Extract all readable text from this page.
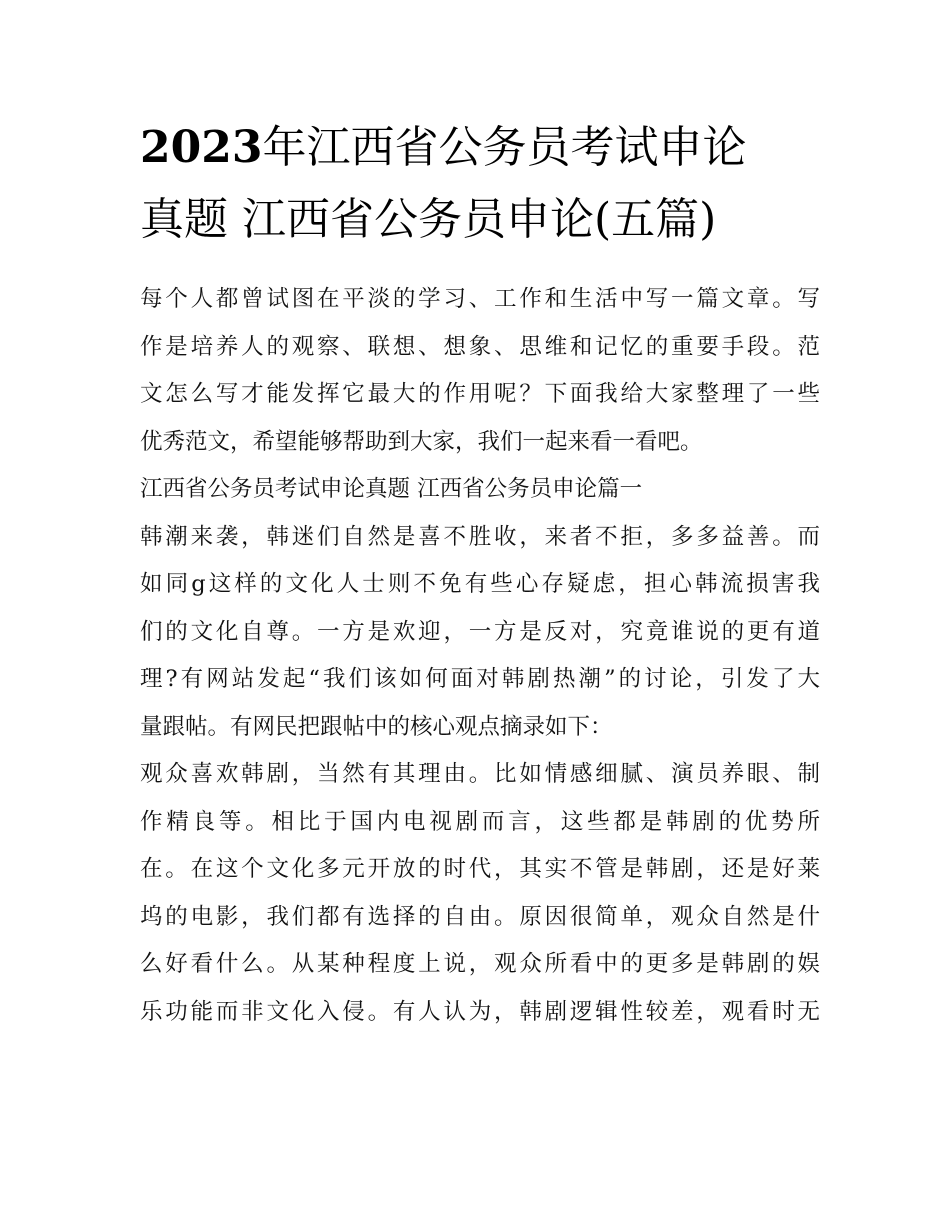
2023年江西省公务员考试申论
真题 江西省公务员申论(五篇)
每个人都曾试图在平淡的学习、工作和生活中写一篇文章。写
作是培养人的观察、联想、想象、思维和记忆的重要手段。范
文怎么写才能发挥它最大的作用呢？下面我给大家整理了一些
优秀范文，希望能够帮助到大家，我们一起来看一看吧。
江西省公务员考试申论真题 江西省公务员申论篇一
韩潮来袭，韩迷们自然是喜不胜收，来者不拒，多多益善。而
如同g这样的文化人士则不免有些心存疑虑，担心韩流损害我
们的文化自尊。一方是欢迎，一方是反对，究竟谁说的更有道
理?有网站发起“我们该如何面对韩剧热潮”的讨论，引发了大
量跟帖。有网民把跟帖中的核心观点摘录如下：
观众喜欢韩剧，当然有其理由。比如情感细腻、演员养眼、制
作精良等。相比于国内电视剧而言，这些都是韩剧的优势所
在。在这个文化多元开放的时代，其实不管是韩剧，还是好莱
坞的电影，我们都有选择的自由。原因很简单，观众自然是什
么好看什么。从某种程度上说，观众所看中的更多是韩剧的娱
乐功能而非文化入侵。有人认为，韩剧逻辑性较差，观看时无
